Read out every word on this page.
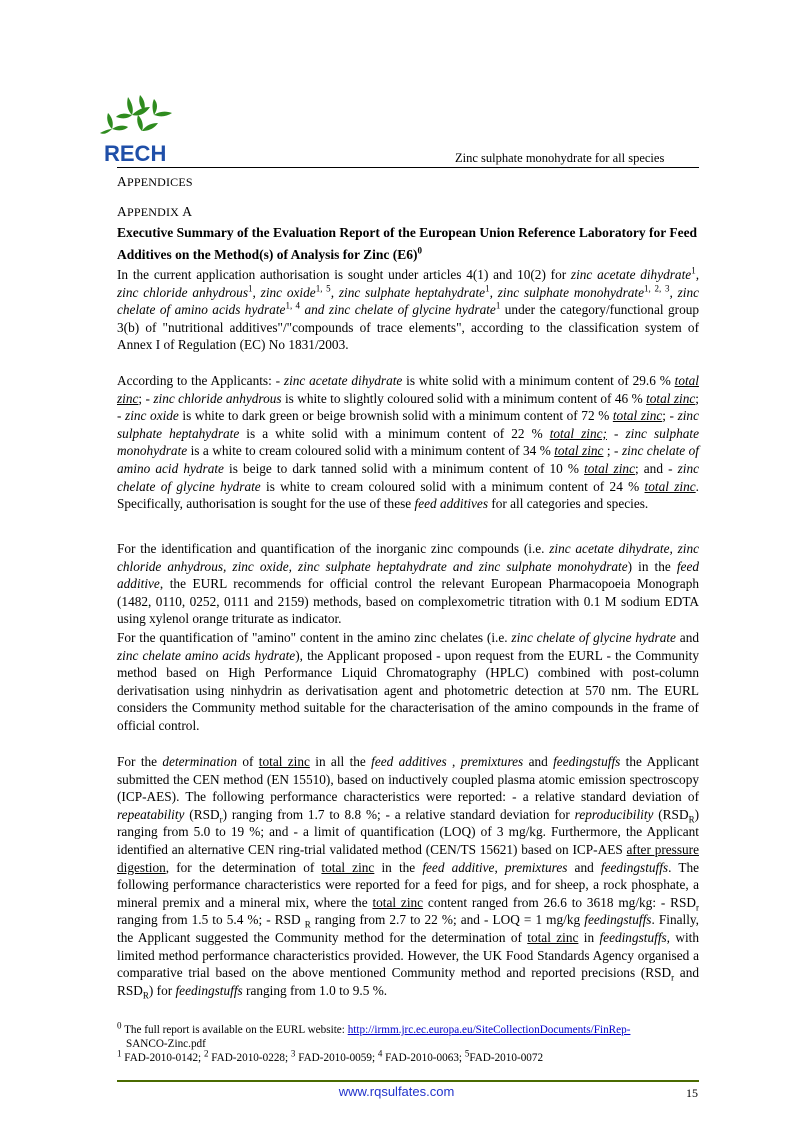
RECH	Zinc sulphate monohydrate for all species
APPENDICES
APPENDIX A
Executive Summary of the Evaluation Report of the European Union Reference Laboratory for Feed Additives on the Method(s) of Analysis for Zinc $(E6)^0$

In the current application authorisation is sought under articles 4(1) and 10(2) for zinc acetate dihydrate$^1$, zinc chloride anhydrous$^1$, zinc oxide$^{1, 5}$, zinc sulphate heptahydrate$^1$, zinc sulphate monohydrate$^{1, 2, 3}$, zinc chelate of amino acids hydrate$^{1, 4}$ and zinc chelate of glycine hydrate$^1$ under the category/functional group 3(b) of "nutritional additives"/"compounds of trace elements", according to the classification system of Annex I of Regulation (EC) No 1831/2003.

According to the Applicants: - zinc acetate dihydrate is white solid with a minimum content of 29.6 % total zinc; - zinc chloride anhydrous is white to slightly coloured solid with a minimum content of 46 % total zinc; - zinc oxide is white to dark green or beige brownish solid with a minimum content of 72 % total zinc; - zinc sulphate heptahydrate is a white solid with a minimum content of 22 % total zinc; - zinc sulphate monohydrate is a white to cream coloured solid with a minimum content of 34 % total zinc ; - zinc chelate of amino acid hydrate is beige to dark tanned solid with a minimum content of 10 % total zinc; and - zinc chelate of glycine hydrate is white to cream coloured solid with a minimum content of 24 % total zinc. Specifically, authorisation is sought for the use of these feed additives for all categories and species.

For the identification and quantification of the inorganic zinc compounds (i.e. zinc acetate dihydrate, zinc chloride anhydrous, zinc oxide, zinc sulphate heptahydrate and zinc sulphate monohydrate) in the feed additive, the EURL recommends for official control the relevant European Pharmacopoeia Monograph (1482, 0110, 0252, 0111 and 2159) methods, based on complexometric titration with 0.1 M sodium EDTA using xylenol orange triturate as indicator.

For the quantification of "amino" content in the amino zinc chelates (i.e. zinc chelate of glycine hydrate and zinc chelate amino acids hydrate), the Applicant proposed - upon request from the EURL - the Community method based on High Performance Liquid Chromatography (HPLC) combined with post-column derivatisation using ninhydrin as derivatisation agent and photometric detection at 570 nm. The EURL considers the Community method suitable for the characterisation of the amino compounds in the frame of official control.

For the determination of total zinc in all the feed additives , premixtures and feedingstuffs the Applicant submitted the CEN method (EN 15510), based on inductively coupled plasma atomic emission spectroscopy (ICP-AES). The following performance characteristics were reported: - a relative standard deviation of repeatability $(RSD_r)$ ranging from 1.7 to 8.8 %; - a relative standard deviation for reproducibility $(RSD_R)$ ranging from 5.0 to 19 %; and - a limit of quantification (LOQ) of 3 mg/kg. Furthermore, the Applicant identified an alternative CEN ring-trial validated method (CEN/TS 15621) based on ICP-AES after pressure digestion, for the determination of total zinc in the feed additive, premixtures and feedingstuffs. The following performance characteristics were reported for a feed for pigs, and for sheep, a rock phosphate, a mineral premix and a mineral mix, where the total zinc content ranged from 26.6 to 3618 mg/kg: - $RSD_r$ ranging from 1.5 to 5.4 %; - RSD $_R$ ranging from 2.7 to 22 %; and - LOQ = 1 mg/kg feedingstuffs. Finally, the Applicant suggested the Community method for the determination of total zinc in feedingstuffs, with limited method performance characteristics provided. However, the UK Food Standards Agency organised a comparative trial based on the above mentioned Community method and reported precisions ($RSD_r$ and $RSD_R$) for feedingstuffs ranging from 1.0 to 9.5 %.

$^0$ The full report is available on the EURL website: http://irmm.jrc.ec.europa.eu/SiteCollectionDocuments/FinRep-
SANCO-Zinc.pdf
$^1$ FAD-2010-0142; $^2$ FAD-2010-0228; $^3$ FAD-2010-0059; $^4$ FAD-2010-0063; $^5$FAD-2010-0072
www.rqsulfates.com	15
